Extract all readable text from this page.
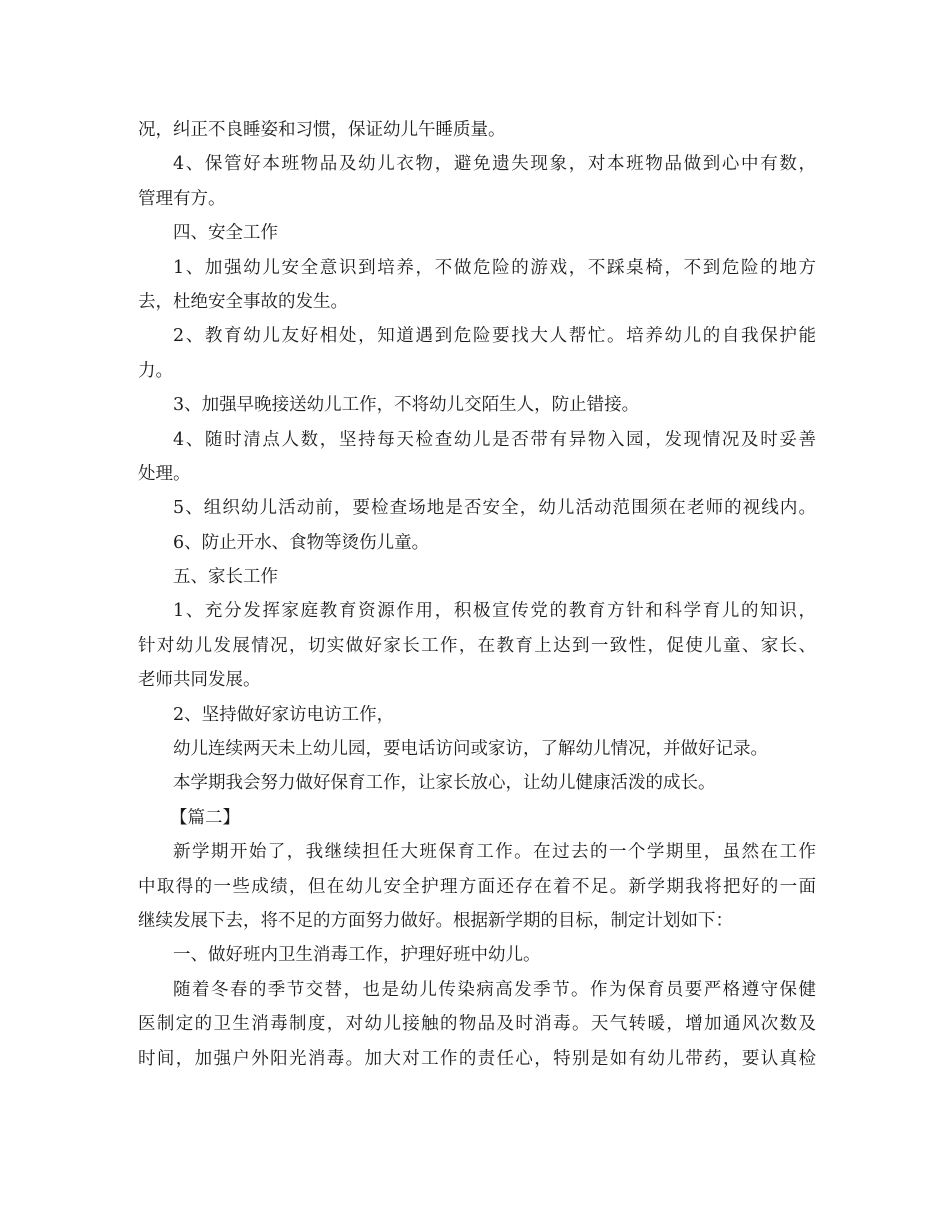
况，纠正不良睡姿和习惯，保证幼儿午睡质量。
4、保管好本班物品及幼儿衣物，避免遗失现象，对本班物品做到心中有数，
管理有方。
四、安全工作
1、加强幼儿安全意识到培养，不做危险的游戏，不踩桌椅，不到危险的地方
去，杜绝安全事故的发生。
2、教育幼儿友好相处，知道遇到危险要找大人帮忙。培养幼儿的自我保护能
力。
3、加强早晚接送幼儿工作，不将幼儿交陌生人，防止错接。
4、随时清点人数，坚持每天检查幼儿是否带有异物入园，发现情况及时妥善
处理。
5、组织幼儿活动前，要检查场地是否安全，幼儿活动范围须在老师的视线内。
6、防止开水、食物等烫伤儿童。
五、家长工作
1、充分发挥家庭教育资源作用，积极宣传党的教育方针和科学育儿的知识，
针对幼儿发展情况，切实做好家长工作，在教育上达到一致性，促使儿童、家长、
老师共同发展。
2、坚持做好家访电访工作，
幼儿连续两天未上幼儿园，要电话访问或家访，了解幼儿情况，并做好记录。
本学期我会努力做好保育工作，让家长放心，让幼儿健康活泼的成长。
【篇二】
新学期开始了，我继续担任大班保育工作。在过去的一个学期里，虽然在工作
中取得的一些成绩，但在幼儿安全护理方面还存在着不足。新学期我将把好的一面
继续发展下去，将不足的方面努力做好。根据新学期的目标，制定计划如下：
一、做好班内卫生消毒工作，护理好班中幼儿。
随着冬春的季节交替，也是幼儿传染病高发季节。作为保育员要严格遵守保健
医制定的卫生消毒制度，对幼儿接触的物品及时消毒。天气转暖，增加通风次数及
时间，加强户外阳光消毒。加大对工作的责任心，特别是如有幼儿带药，要认真检
